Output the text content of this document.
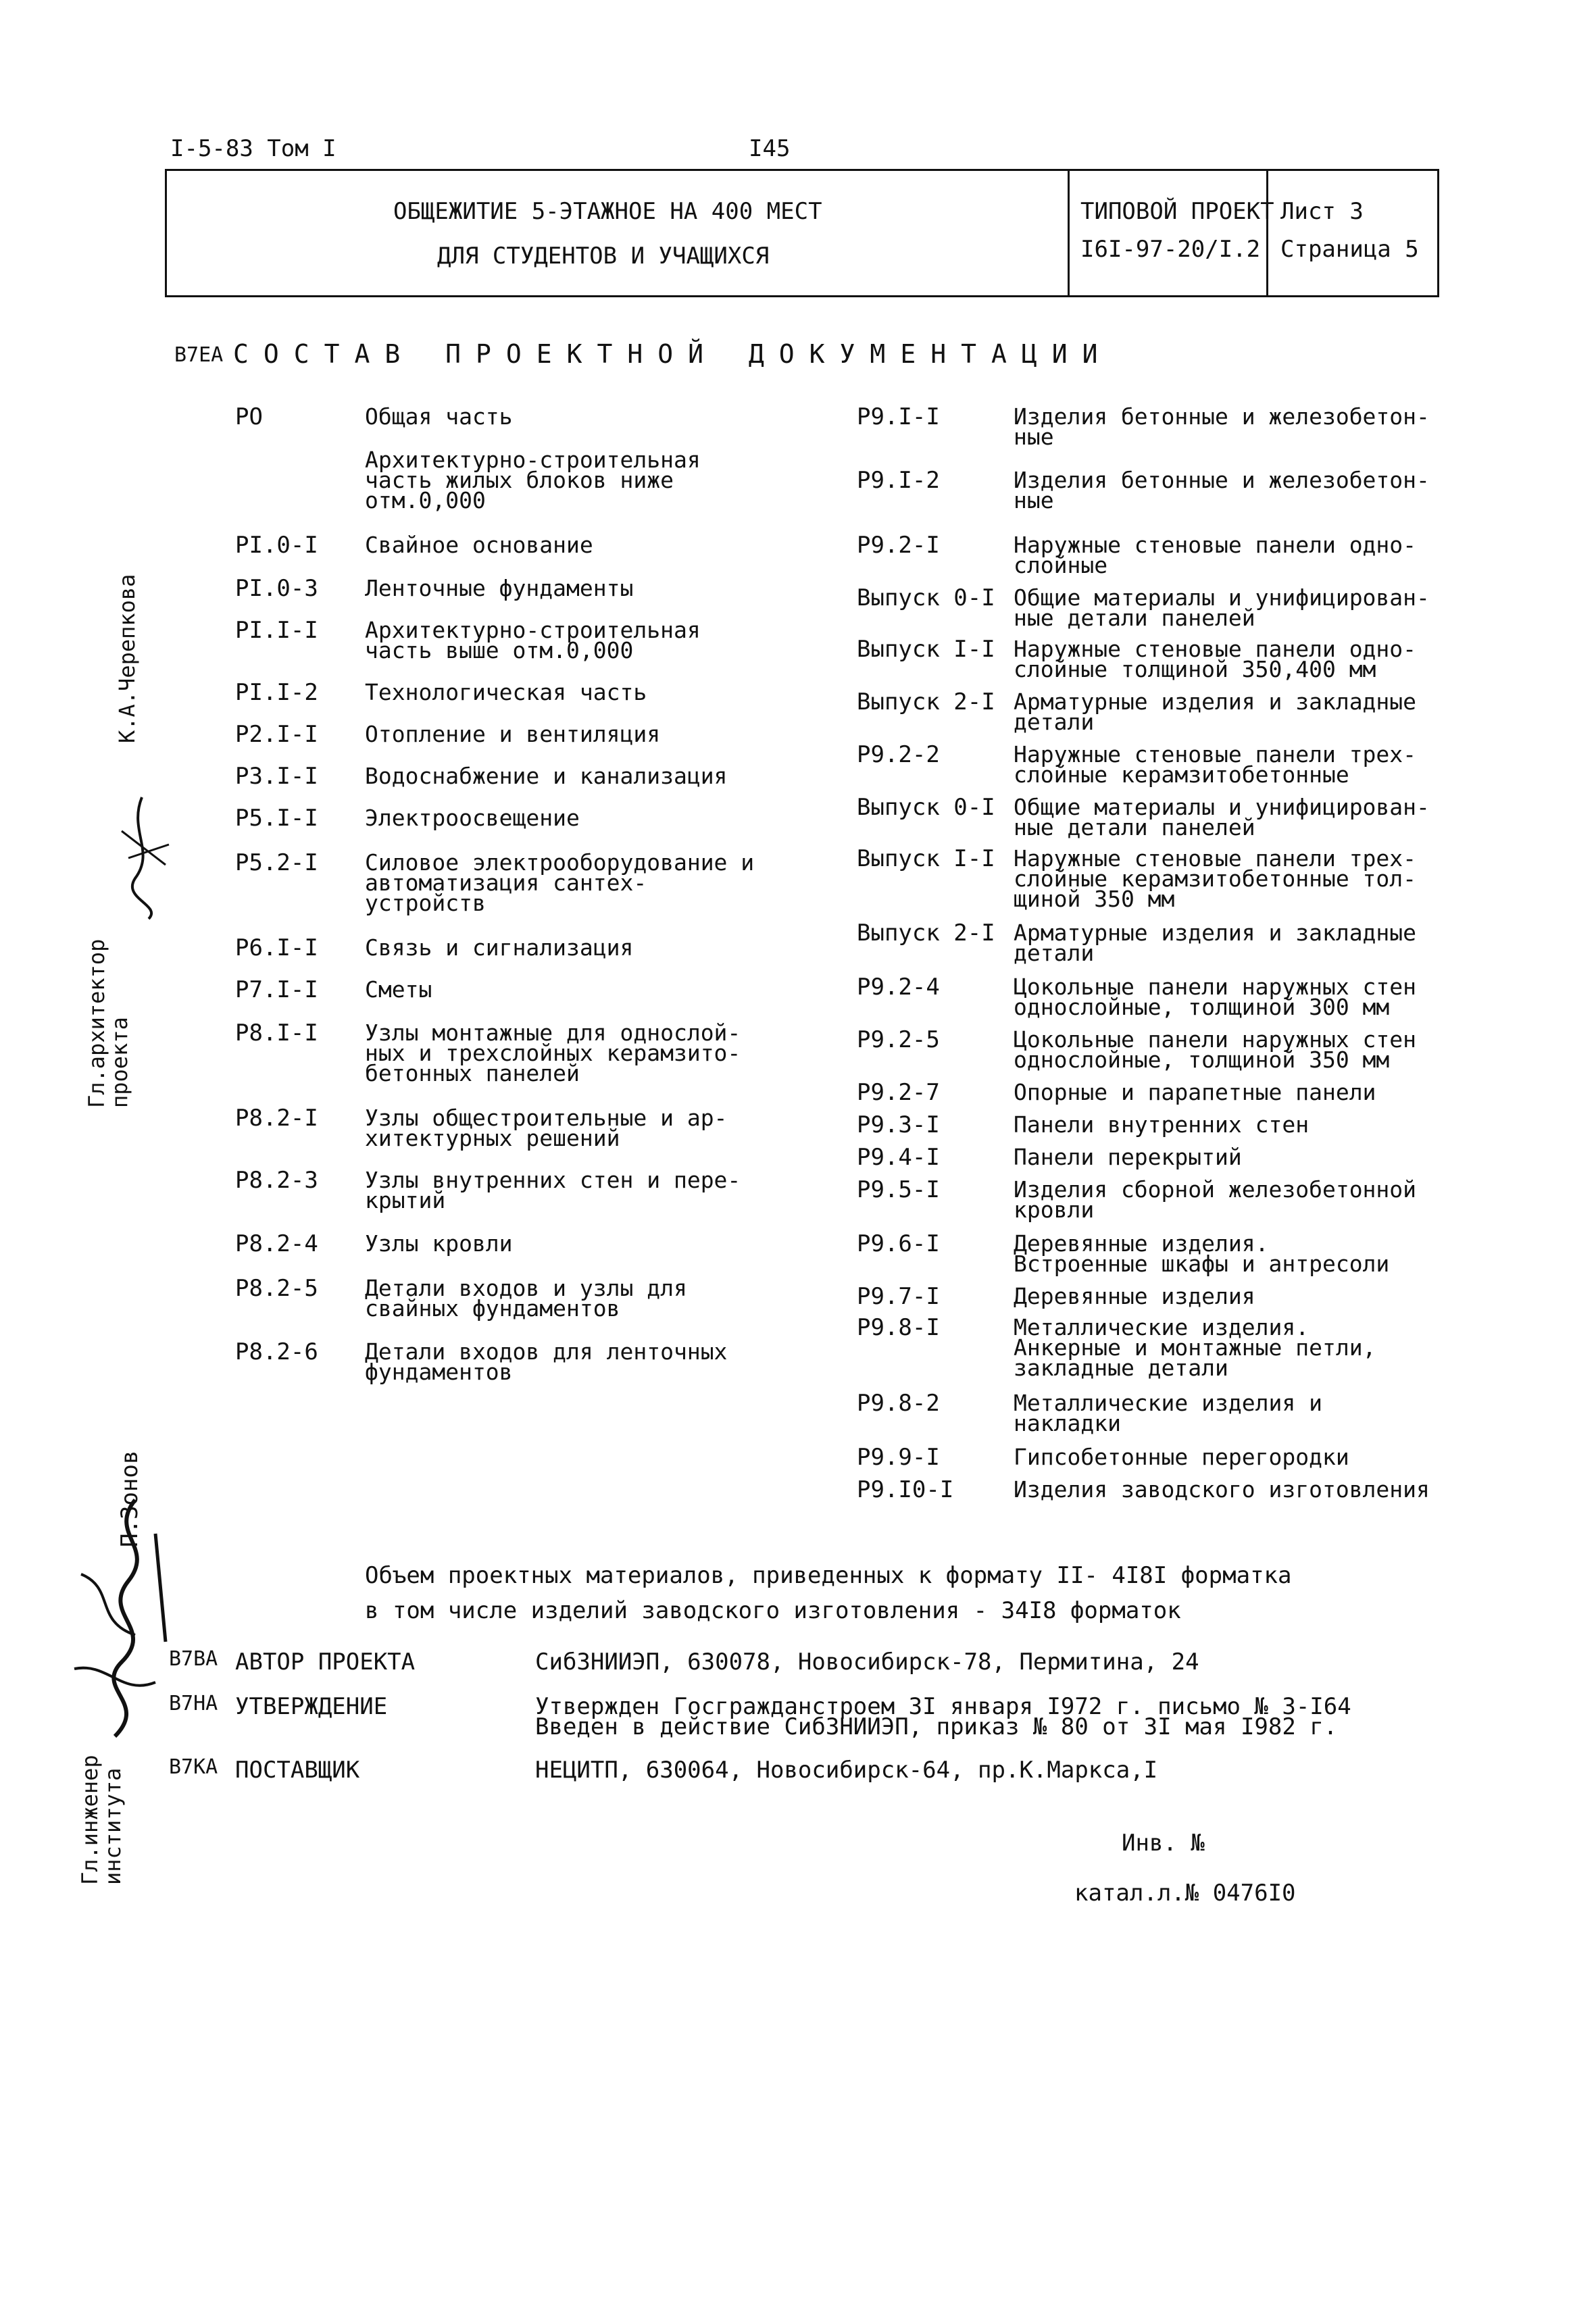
I-5-83 Том I	I45
ОБЩЕЖИТИЕ 5-ЭТАЖНОЕ НА 400 МЕСТ
ДЛЯ СТУДЕНТОВ И УЧАЩИХСЯ
ТИПОВОЙ ПРОЕКТ
I6I-97-20/I.2
Лист 3
Страница 5
В7ЕА СОСТАВ ПРОЕКТНОЙ ДОКУМЕНТАЦИИ
PO	Общая часть
Архитектурно-строительная
часть жилых блоков ниже
отм.0,000
PI.0-I Свайное основание
PI.0-3 Ленточные фундаменты
PI.I-I Архитектурно-строительная
часть выше отм.0,000
PI.I-2 Технологическая часть
P2.I-I Отопление и вентиляция
P3.I-I Водоснабжение и канализация
P5.I-I Электроосвещение
P5.2-I Силовое электрооборудование и
автоматизация сантех-
устройств
P6.I-I Связь и сигнализация
P7.I-I Сметы
P8.I-I Узлы монтажные для однослой-
ных и трехслойных керамзито-
бетонных панелей
P8.2-I Узлы общестроительные и ар-
хитектурных решений
P8.2-3 Узлы внутренних стен и пере-
крытий
P8.2-4 Узлы кровли
P8.2-5 Детали входов и узлы для
свайных фундаментов
P8.2-6 Детали входов для ленточных
фундаментов
P9.I-I	Изделия бетонные и железобетон-
ные
P9.I-2	Изделия бетонные и железобетон-
ные
P9.2-I	Наружные стеновые панели одно-
слойные
Выпуск 0-I Общие материалы и унифицирован-
ные детали панелей
Выпуск I-I Наружные стеновые панели одно-
слойные толщиной 350,400 мм
Выпуск 2-I Арматурные изделия и закладные
детали
P9.2-2	Наружные стеновые панели трех-
слойные керамзитобетонные
Выпуск 0-I Общие материалы и унифицирован-
ные детали панелей
Выпуск I-I Наружные стеновые панели трех-
слойные керамзитобетонные тол-
щиной 350 мм
Выпуск 2-I Арматурные изделия и закладные
детали
P9.2-4	Цокольные панели наружных стен
однослойные, толщиной 300 мм
P9.2-5	Цокольные панели наружных стен
однослойные, толщиной 350 мм
P9.2-7	Опорные и парапетные панели
P9.3-I	Панели внутренних стен
P9.4-I	Панели перекрытий
P9.5-I	Изделия сборной железобетонной
кровли
P9.6-I	Деревянные изделия.
Встроенные шкафы и антресоли
P9.7-I	Деревянные изделия
P9.8-I	Металлические изделия.
Анкерные и монтажные петли,
закладные детали
P9.8-2	Металлические изделия и
накладки
P9.9-I	Гипсобетонные перегородки
P9.I0-I	Изделия заводского изготовления
Объем проектных материалов, приведенных к формату II- 4I8I форматка
в том числе изделий заводского изготовления - 34I8 форматок
В7ВА АВТОР ПРОЕКТА	СибЗНИИЭП, 630078, Новосибирск-78, Пермитина, 24
В7НА УТВЕРЖДЕНИЕ	Утвержден Госгражданстроем 3I января I972 г. письмо № 3-I64
Введен в действие СибЗНИИЭП, приказ № 80 от 3I мая I982 г.
В7КА ПОСТАВЩИК	НЕЦИТП, 630064, Новосибирск-64, пр.К.Маркса,I
Инв. №
катал.л.№ 0476I0
К.А.Черепкова
Гл.архитектор проекта
П.Зонов
Гл.инженер института
